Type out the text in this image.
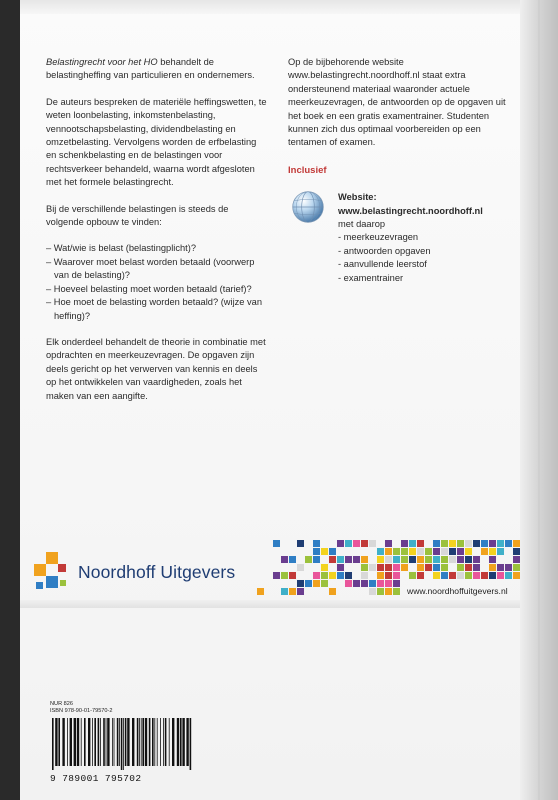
Belastingrecht voor het HO behandelt de belastingheffing van particulieren en ondernemers.

De auteurs bespreken de materiële heffingswetten, te weten loonbelasting, inkomstenbelasting, vennootschapsbelasting, dividendbelasting en omzetbelasting. Vervolgens worden de erfbelasting en schenkbelasting en de belastingen voor rechtsverkeer behandeld, waarna wordt afgesloten met het formele belastingrecht.

Bij de verschillende belastingen is steeds de volgende opbouw te vinden:

– Wat/wie is belast (belastingplicht)?
– Waarover moet belast worden betaald (voorwerp van de belasting)?
– Hoeveel belasting moet worden betaald (tarief)?
– Hoe moet de belasting worden betaald? (wijze van heffing)?

Elk onderdeel behandelt de theorie in combinatie met opdrachten en meerkeuzevragen. De opgaven zijn deels gericht op het verwerven van kennis en deels op het ontwikkelen van vaardigheden, zoals het maken van een aangifte.

Op de bijbehorende website www.belastingrecht.noordhoff.nl staat extra ondersteunend materiaal waaronder actuele meerkeuzevragen, de antwoorden op de opgaven uit het boek en een gratis examentrainer. Studenten kunnen zich dus optimaal voorbereiden op een tentamen of examen.

Inclusief
Website:
www.belastingrecht.noordhoff.nl
met daarop
- meerkeuzevragen
- antwoorden opgaven
- aanvullende leerstof
- examentrainer
Noordhoff Uitgevers
www.noordhoffuitgevers.nl
NUR 826
ISBN 978-90-01-79570-2
9 789001 795702
